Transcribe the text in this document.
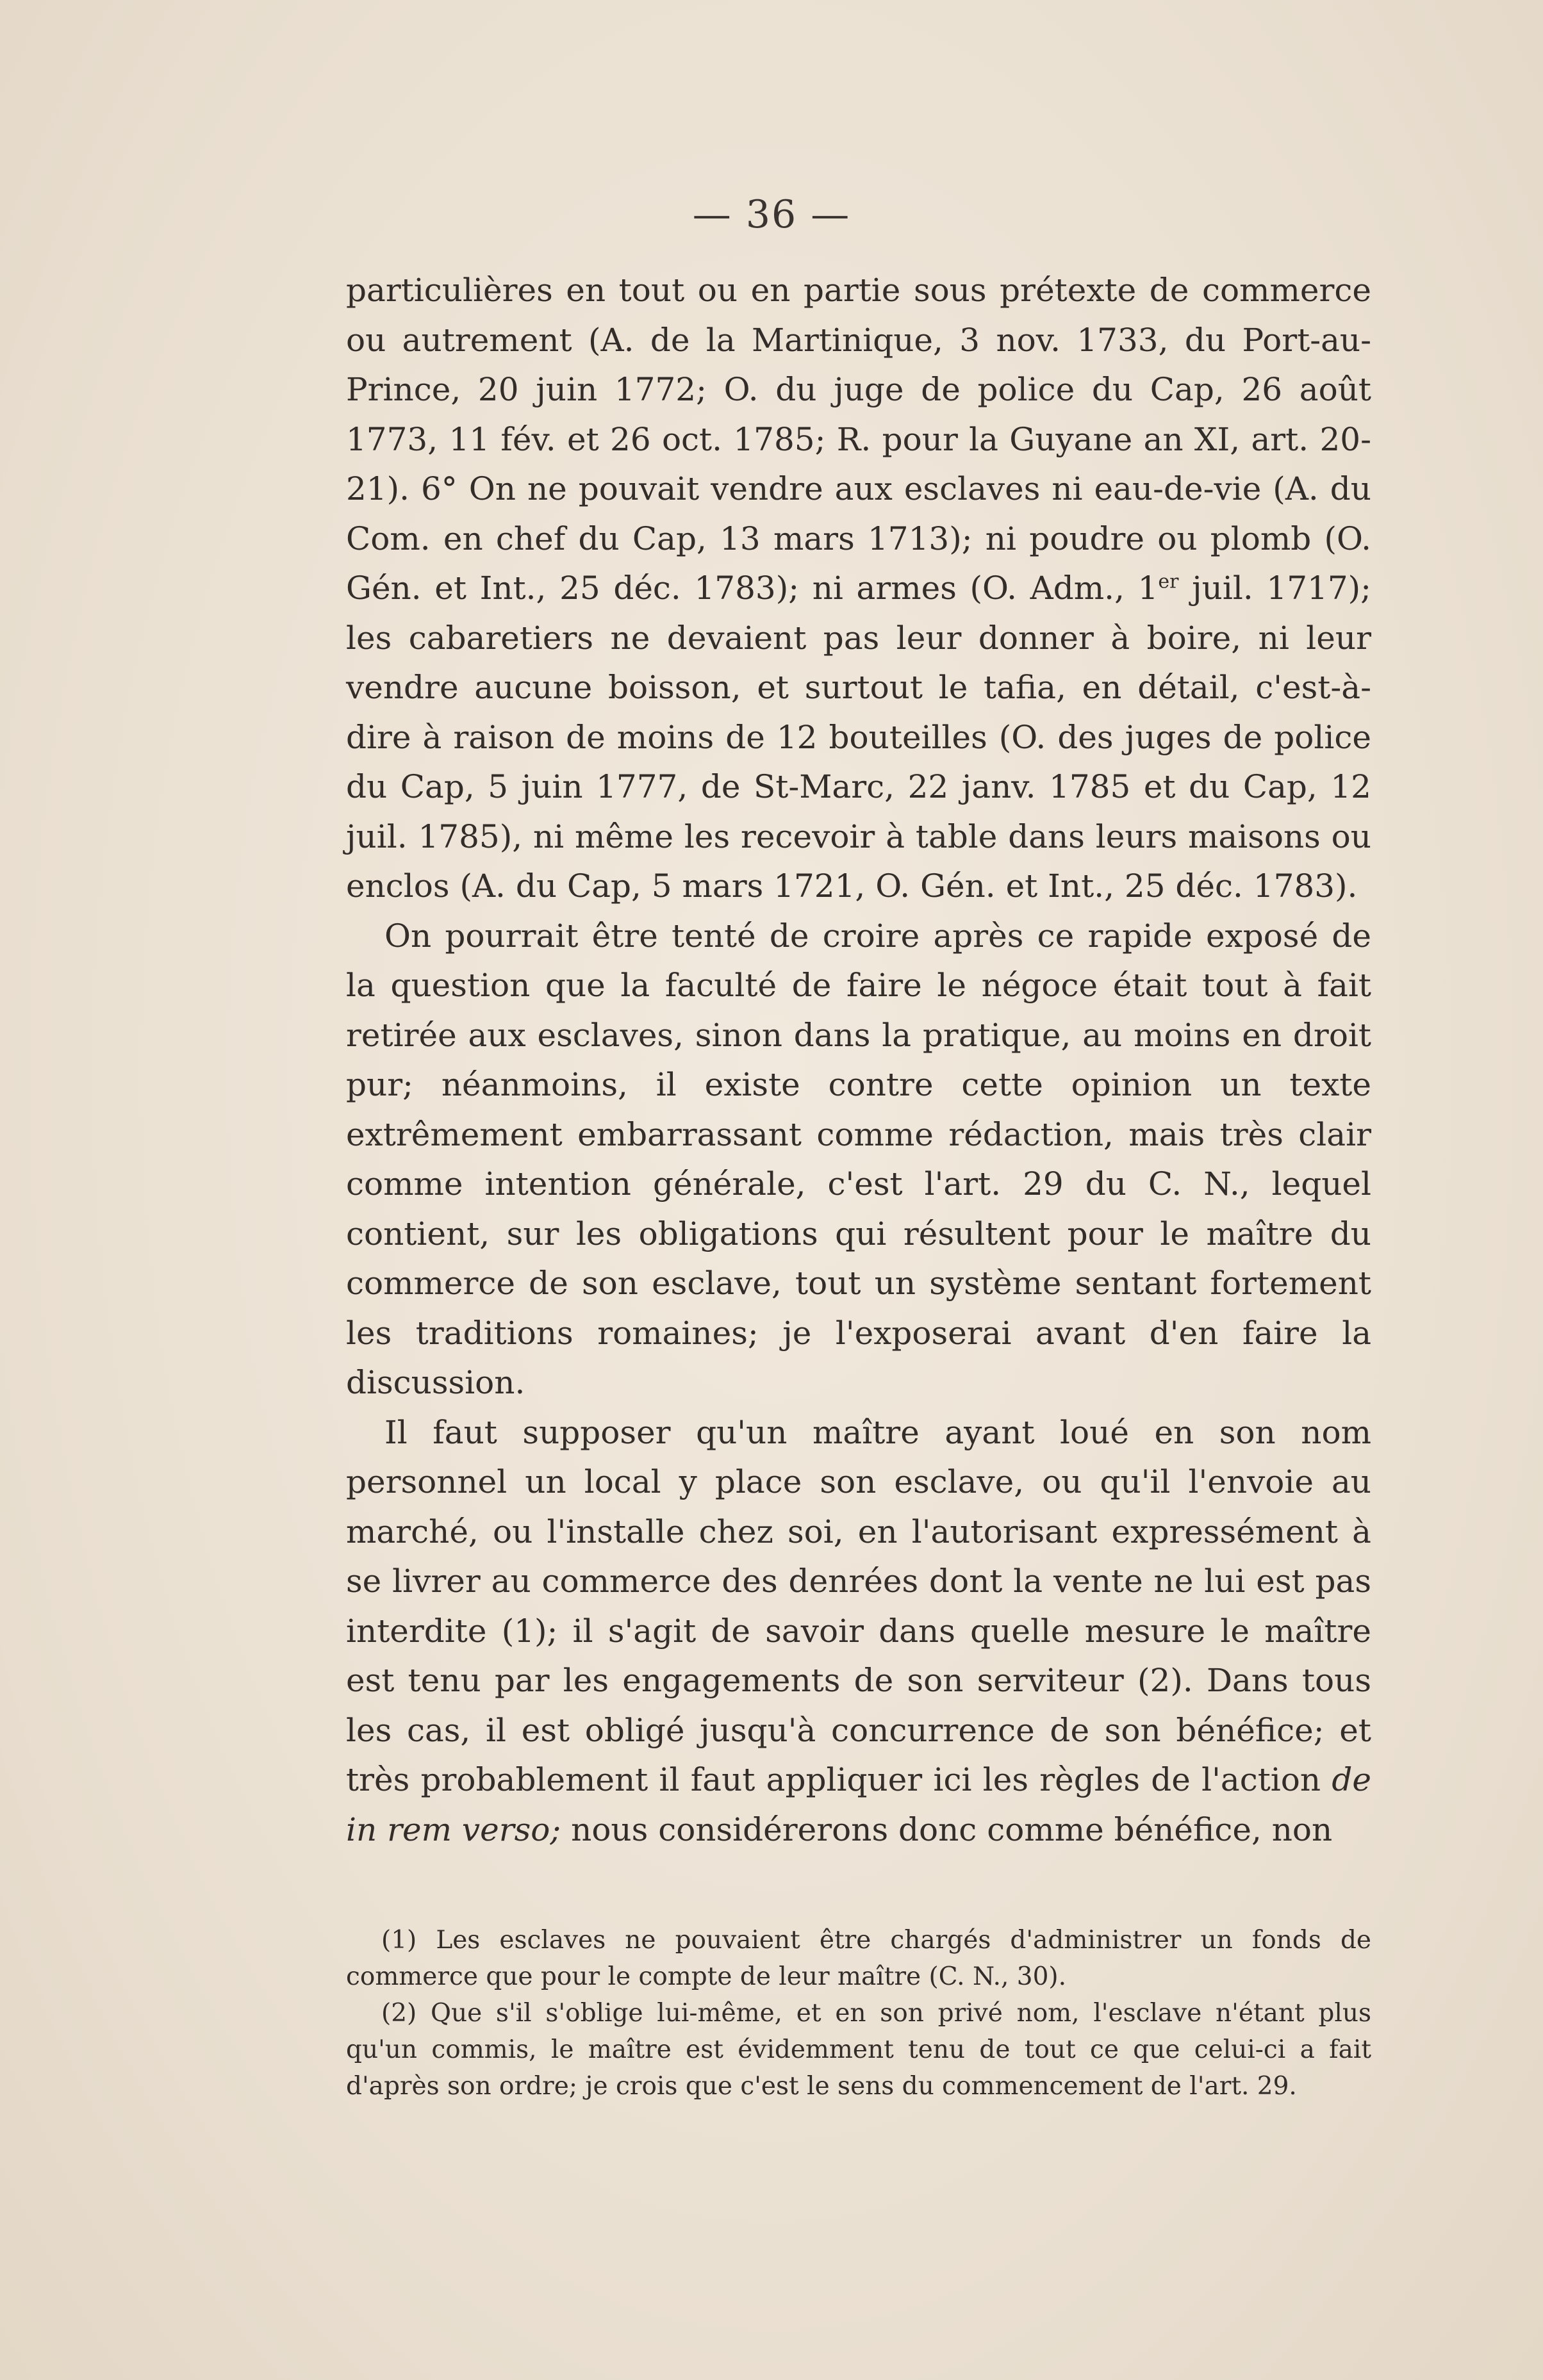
— 36 —

particulières en tout ou en partie sous prétexte de commerce ou autrement (A. de la Martinique, 3 nov. 1733, du Port-au-Prince, 20 juin 1772; O. du juge de police du Cap, 26 août 1773, 11 fév. et 26 oct. 1785; R. pour la Guyane an XI, art. 20-21). 6° On ne pouvait vendre aux esclaves ni eau-de-vie (A. du Com. en chef du Cap, 13 mars 1713); ni poudre ou plomb (O. Gén. et Int., 25 déc. 1783); ni armes (O. Adm., 1er juil. 1717); les cabaretiers ne devaient pas leur donner à boire, ni leur vendre aucune boisson, et surtout le tafia, en détail, c'est-à-dire à raison de moins de 12 bouteilles (O. des juges de police du Cap, 5 juin 1777, de St-Marc, 22 janv. 1785 et du Cap, 12 juil. 1785), ni même les recevoir à table dans leurs maisons ou enclos (A. du Cap, 5 mars 1721, O. Gén. et Int., 25 déc. 1783).

On pourrait être tenté de croire après ce rapide exposé de la question que la faculté de faire le négoce était tout à fait retirée aux esclaves, sinon dans la pratique, au moins en droit pur; néanmoins, il existe contre cette opinion un texte extrêmement embarrassant comme rédaction, mais très clair comme intention générale, c'est l'art. 29 du C. N., lequel contient, sur les obligations qui résultent pour le maître du commerce de son esclave, tout un système sentant fortement les traditions romaines; je l'exposerai avant d'en faire la discussion.

Il faut supposer qu'un maître ayant loué en son nom personnel un local y place son esclave, ou qu'il l'envoie au marché, ou l'installe chez soi, en l'autorisant expressément à se livrer au commerce des denrées dont la vente ne lui est pas interdite (1); il s'agit de savoir dans quelle mesure le maître est tenu par les engagements de son serviteur (2). Dans tous les cas, il est obligé jusqu'à concurrence de son bénéfice; et très probablement il faut appliquer ici les règles de l'action de in rem verso; nous considérerons donc comme bénéfice, non

(1) Les esclaves ne pouvaient être chargés d'administrer un fonds de commerce que pour le compte de leur maître (C. N., 30).

(2) Que s'il s'oblige lui-même, et en son privé nom, l'esclave n'étant plus qu'un commis, le maître est évidemment tenu de tout ce que celui-ci a fait d'après son ordre; je crois que c'est le sens du commencement de l'art. 29.
